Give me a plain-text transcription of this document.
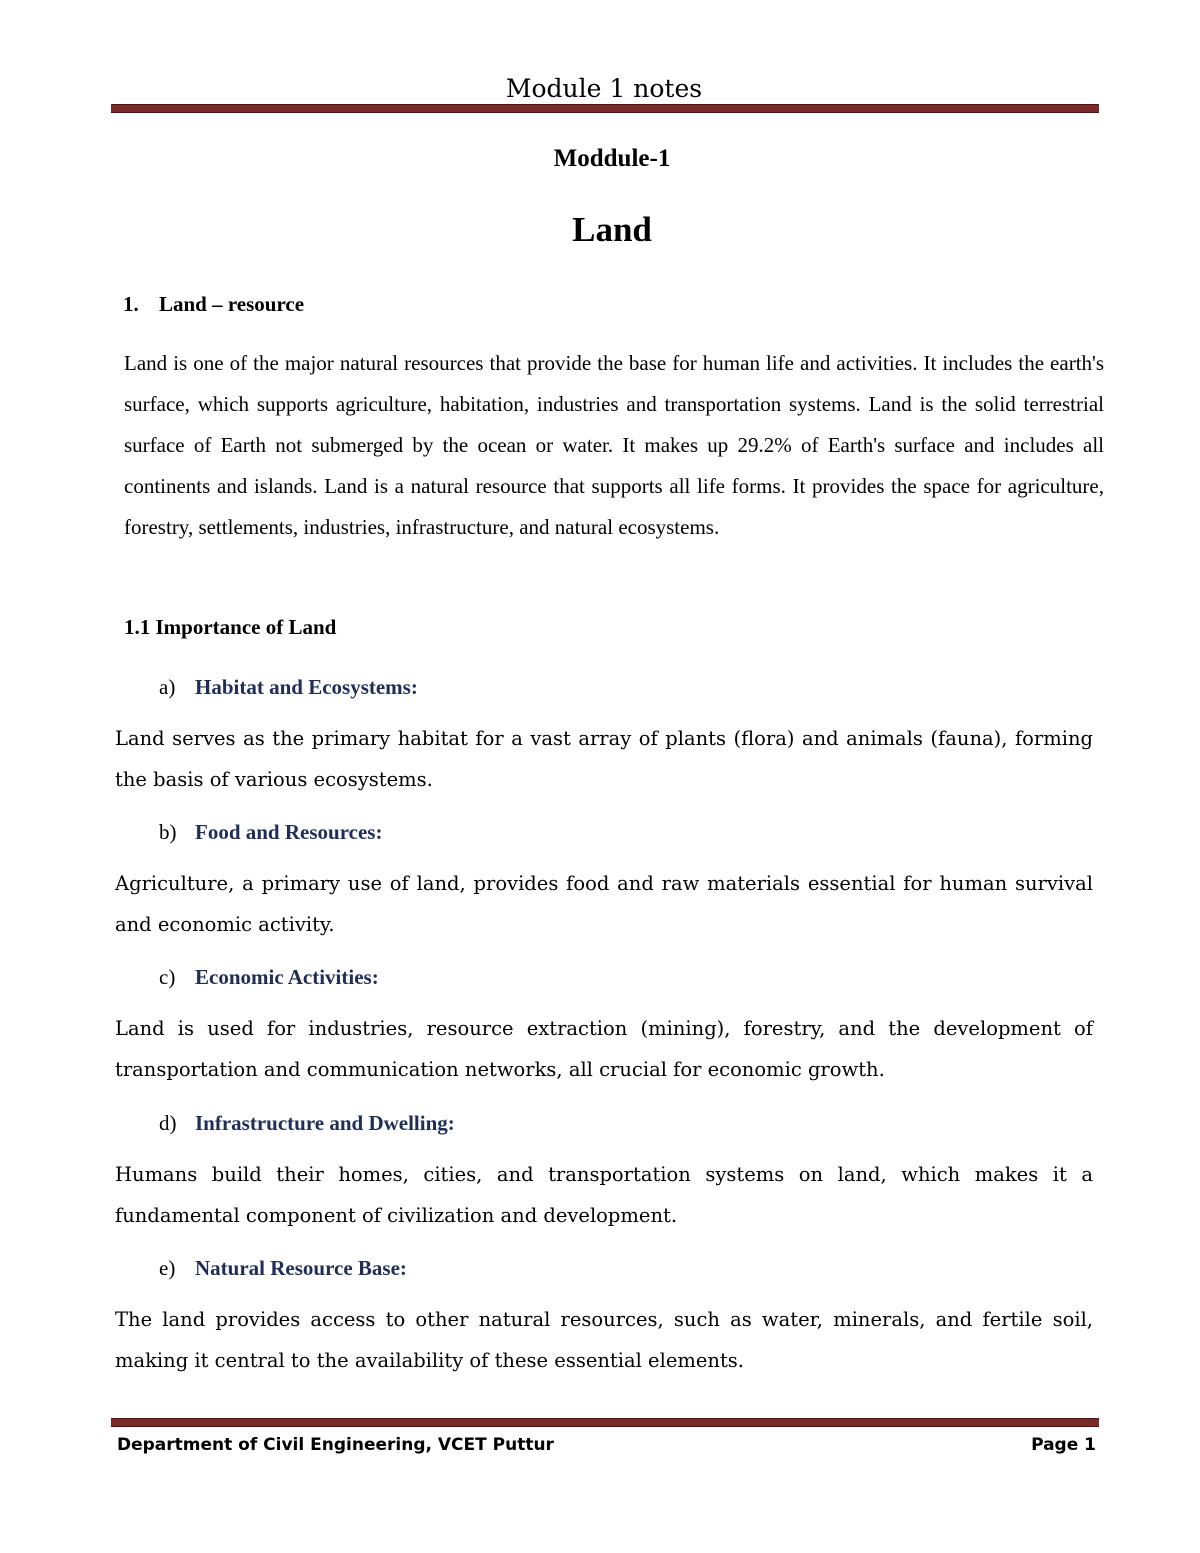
Module 1 notes
Moddule-1
Land
1. Land – resource
Land is one of the major natural resources that provide the base for human life and activities. It includes the earth's surface, which supports agriculture, habitation, industries and transportation systems. Land is the solid terrestrial surface of Earth not submerged by the ocean or water. It makes up 29.2% of Earth's surface and includes all continents and islands. Land is a natural resource that supports all life forms. It provides the space for agriculture, forestry, settlements, industries, infrastructure, and natural ecosystems.
1.1 Importance of Land
a) Habitat and Ecosystems:
Land serves as the primary habitat for a vast array of plants (flora) and animals (fauna), forming the basis of various ecosystems.
b) Food and Resources:
Agriculture, a primary use of land, provides food and raw materials essential for human survival and economic activity.
c) Economic Activities:
Land is used for industries, resource extraction (mining), forestry, and the development of transportation and communication networks, all crucial for economic growth.
d) Infrastructure and Dwelling:
Humans build their homes, cities, and transportation systems on land, which makes it a fundamental component of civilization and development.
e) Natural Resource Base:
The land provides access to other natural resources, such as water, minerals, and fertile soil, making it central to the availability of these essential elements.
Department of Civil Engineering, VCET Puttur	Page 1
